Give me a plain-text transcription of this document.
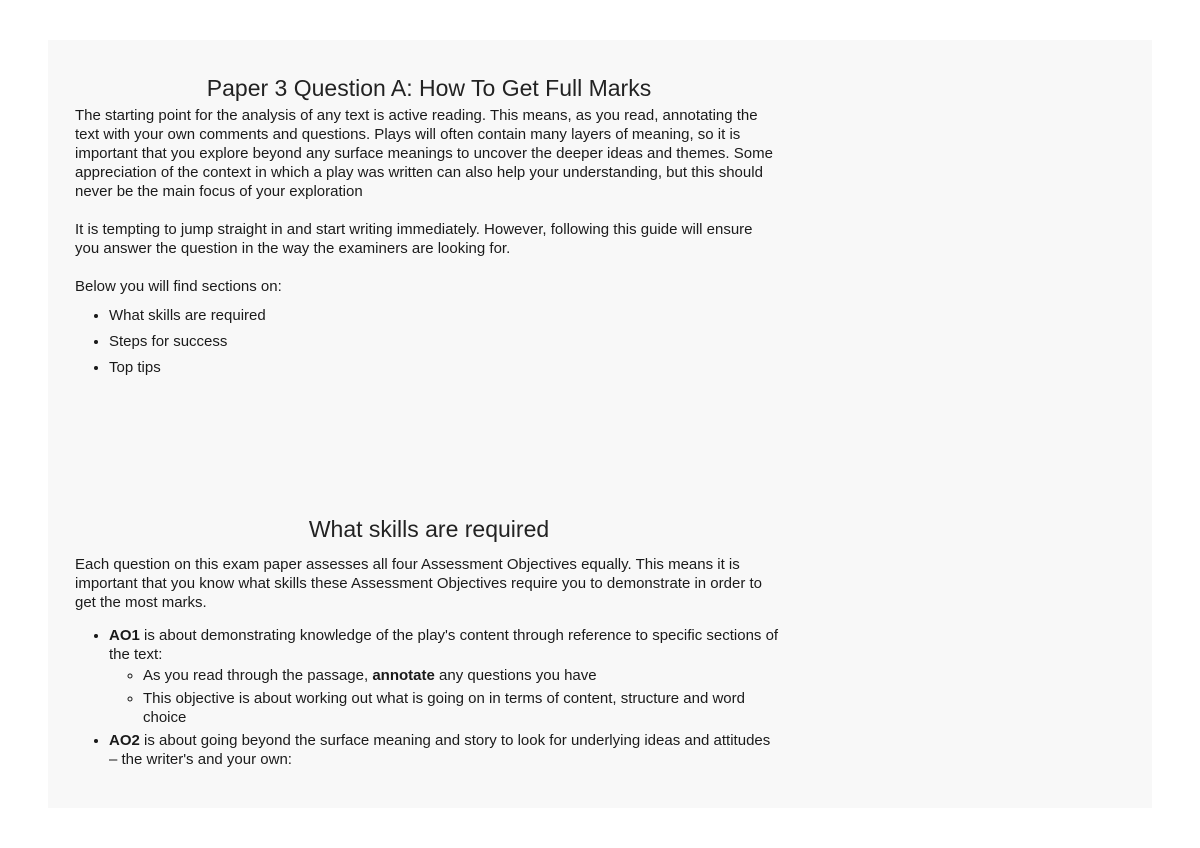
Paper 3 Question A: How To Get Full Marks

The starting point for the analysis of any text is active reading. This means, as you read, annotating the text with your own comments and questions. Plays will often contain many layers of meaning, so it is important that you explore beyond any surface meanings to uncover the deeper ideas and themes. Some appreciation of the context in which a play was written can also help your understanding, but this should never be the main focus of your exploration

It is tempting to jump straight in and start writing immediately. However, following this guide will ensure you answer the question in the way the examiners are looking for.

Below you will find sections on:

• What skills are required
• Steps for success
• Top tips
What skills are required

Each question on this exam paper assesses all four Assessment Objectives equally. This means it is important that you know what skills these Assessment Objectives require you to demonstrate in order to get the most marks.

• AO1 is about demonstrating knowledge of the play's content through reference to specific sections of the text:
◦ As you read through the passage, annotate any questions you have
◦ This objective is about working out what is going on in terms of content, structure and word choice
• AO2 is about going beyond the surface meaning and story to look for underlying ideas and attitudes – the writer's and your own:
